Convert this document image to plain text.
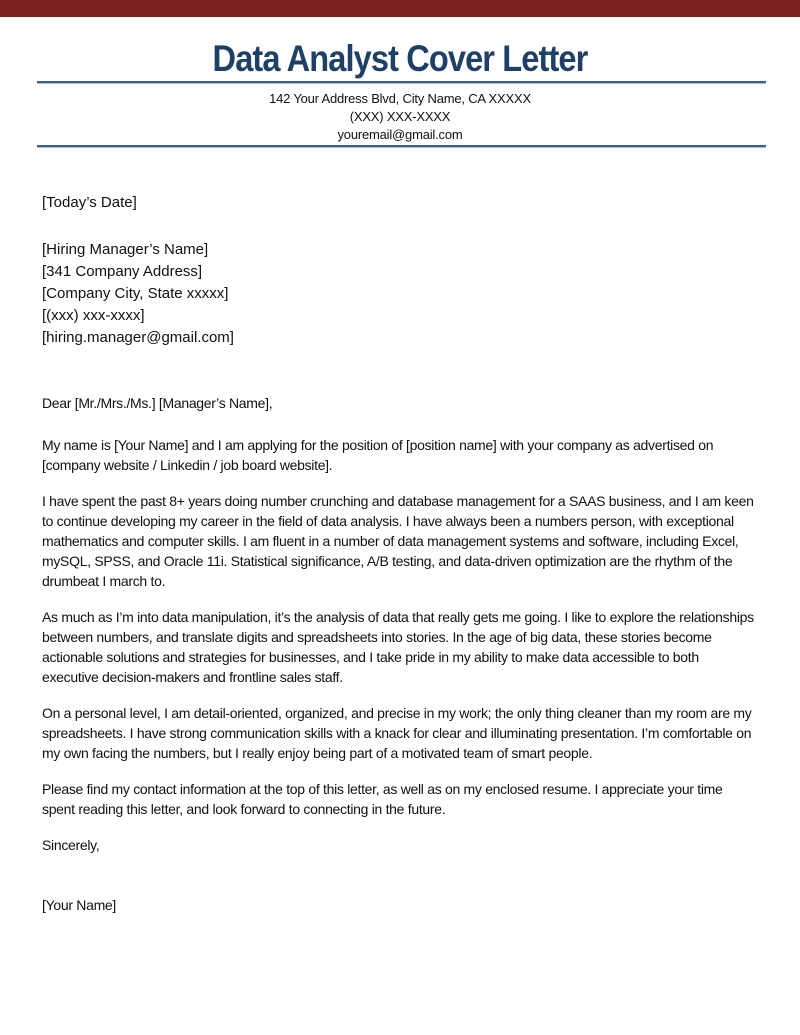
Data Analyst Cover Letter
142 Your Address Blvd, City Name, CA XXXXX
(XXX) XXX-XXXX
youremail@gmail.com
[Today’s Date]
[Hiring Manager’s Name]
[341 Company Address]
[Company City, State xxxxx]
[(xxx) xxx-xxxx]
[hiring.manager@gmail.com]
Dear [Mr./Mrs./Ms.] [Manager’s Name],

My name is [Your Name] and I am applying for the position of [position name] with your company as advertised on [company website / Linkedin / job board website].

I have spent the past 8+ years doing number crunching and database management for a SAAS business, and I am keen to continue developing my career in the field of data analysis. I have always been a numbers person, with exceptional mathematics and computer skills. I am fluent in a number of data management systems and software, including Excel, mySQL, SPSS, and Oracle 11i. Statistical significance, A/B testing, and data-driven optimization are the rhythm of the drumbeat I march to.

As much as I’m into data manipulation, it’s the analysis of data that really gets me going. I like to explore the relationships between numbers, and translate digits and spreadsheets into stories. In the age of big data, these stories become actionable solutions and strategies for businesses, and I take pride in my ability to make data accessible to both executive decision-makers and frontline sales staff.

On a personal level, I am detail-oriented, organized, and precise in my work; the only thing cleaner than my room are my spreadsheets. I have strong communication skills with a knack for clear and illuminating presentation. I’m comfortable on my own facing the numbers, but I really enjoy being part of a motivated team of smart people.

Please find my contact information at the top of this letter, as well as on my enclosed resume. I appreciate your time spent reading this letter, and look forward to connecting in the future.

Sincerely,
[Your Name]
